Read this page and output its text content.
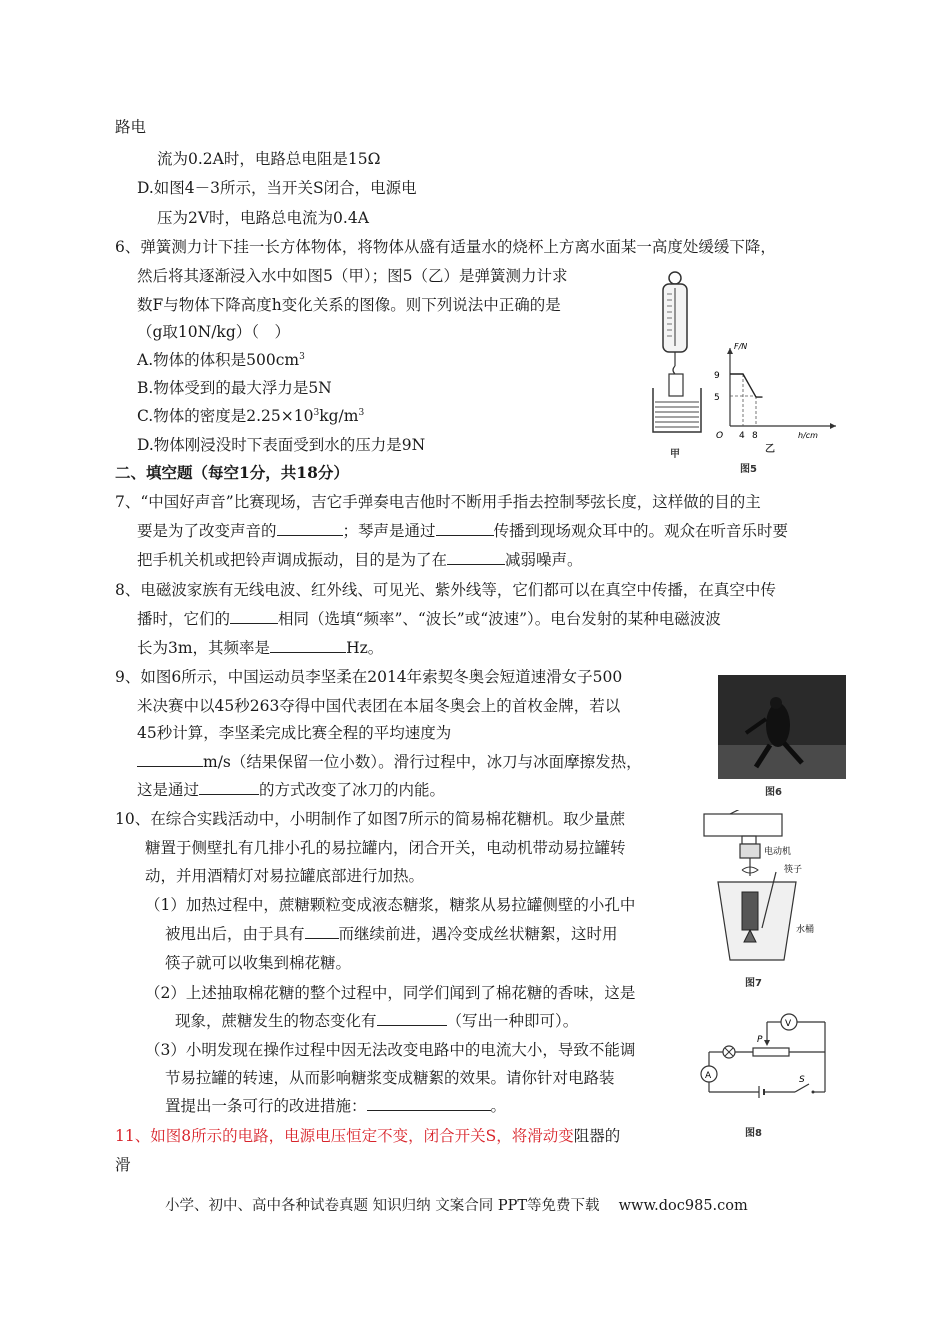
路电
流为0.2A时，电路总电阻是15Ω
D.如图4－3所示，当开关S闭合，电源电
压为2V时，电路总电流为0.4A
6、弹簧测力计下挂一长方体物体，将物体从盛有适量水的烧杯上方离水面某一高度处缓缓下降，
然后将其逐渐浸入水中如图5（甲）；图5（乙）是弹簧测力计求
数F与物体下降高度h变化关系的图像。则下列说法中正确的是
（g取10N/kg）（　）
A.物体的体积是$500cm^3$
B.物体受到的最大浮力是5N
C.物体的密度是$2.25\times 10^3kg/m^3$
D.物体刚浸没时下表面受到水的压力是9N
二、填空题（每空1分，共18分）
7、“中国好声音”比赛现场，吉它手弹奏电吉他时不断用手指去控制琴弦长度，这样做的目的主
要是为了改变声音的	；琴声是通过	传播到现场观众耳中的。观众在听音乐时要
把手机关机或把铃声调成振动，目的是为了在	减弱噪声。
8、电磁波家族有无线电波、红外线、可见光、紫外线等，它们都可以在真空中传播，在真空中传
播时，它们的	相同（选填“频率”、“波长”或“波速”）。电台发射的某种电磁波波
长为3m，其频率是	Hz。
9、如图6所示，中国运动员李坚柔在2014年索契冬奥会短道速滑女子500
米决赛中以45秒263夺得中国代表团在本届冬奥会上的首枚金牌，若以
45秒计算，李坚柔完成比赛全程的平均速度为
m/s（结果保留一位小数）。滑行过程中，冰刀与冰面摩擦发热，
这是通过	的方式改变了冰刀的内能。
10、在综合实践活动中，小明制作了如图7所示的简易棉花糖机。取少量蔗
糖置于侧壁扎有几排小孔的易拉罐内，闭合开关，电动机带动易拉罐转
动，并用酒精灯对易拉罐底部进行加热。
（1）加热过程中，蔗糖颗粒变成液态糖浆，糖浆从易拉罐侧壁的小孔中
被甩出后，由于具有 而继续前进，遇冷变成丝状糖絮，这时用
筷子就可以收集到棉花糖。
（2）上述抽取棉花糖的整个过程中，同学们闻到了棉花糖的香味，这是
现象，蔗糖发生的物态变化有	（写出一种即可）。
（3）小明发现在操作过程中因无法改变电路中的电流大小，导致不能调
节易拉罐的转速，从而影响糖浆变成糖絮的效果。请你针对电路装
置提出一条可行的改进措施：	。
11、如图8所示的电路，电源电压恒定不变，闭合开关S，将滑动变阻器的
滑
小学、初中、高中各种试卷真题 知识归纳 文案合同 PPT等免费下载　 www.doc985.com
甲
9
5
4 8
O
F/N
h/cm
乙
图5
图6
电动机
筷子
水桶
图7
V
P
A	S
图8
